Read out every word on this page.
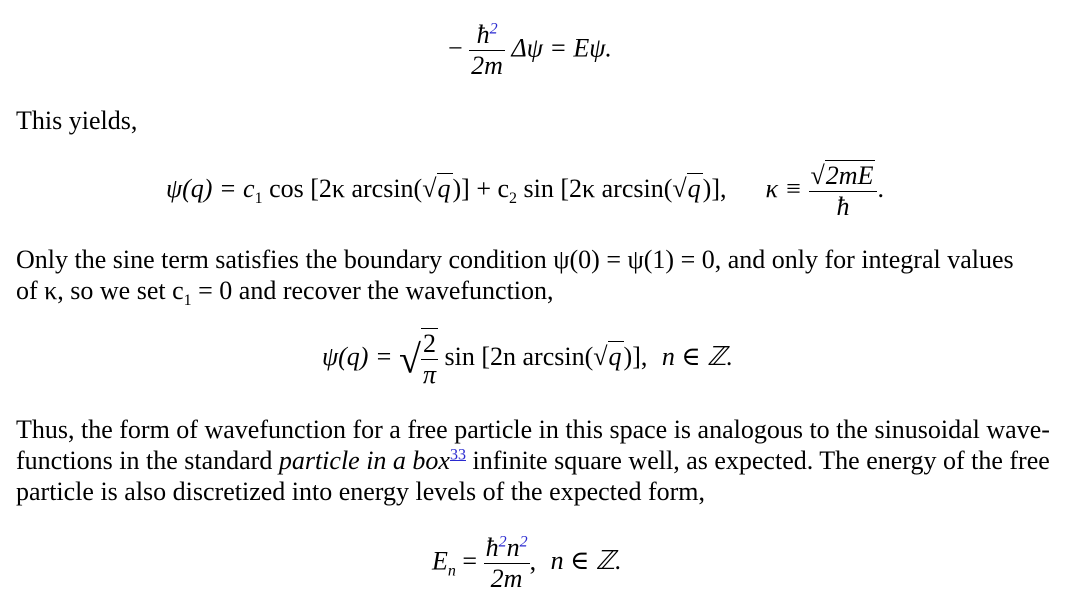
− $\frac{ħ^2}{2m}$ Δψ = Eψ.
This yields,
$\psi(q) = c_1$ cos [2κ $\arcsin(√q)] + c_2$ sin [2κ arcsin(√q)], $\kappa \equiv \frac{√2mE}{ħ}$ .
Only the sine term satisfies the boundary condition ψ(0) = ψ(1) = 0, and only for integral values
of κ, so we set $c_1 = 0$ and recover the wavefunction,
ψ(q) = √ $\frac{2}{\pi}$ sin [2n arcsin(√q)], n ∈ ℤ.
Thus, the form of wavefunction for a free particle in this space is analogous to the sinusoidal wave-
functions in the standard particle in a box$^{33}$ infinite square well, as expected. The energy of the free
particle is also discretized into energy levels of the expected form,
$E_n = \frac{ħ^2n^2}{2m}$ , n ∈ ℤ.
